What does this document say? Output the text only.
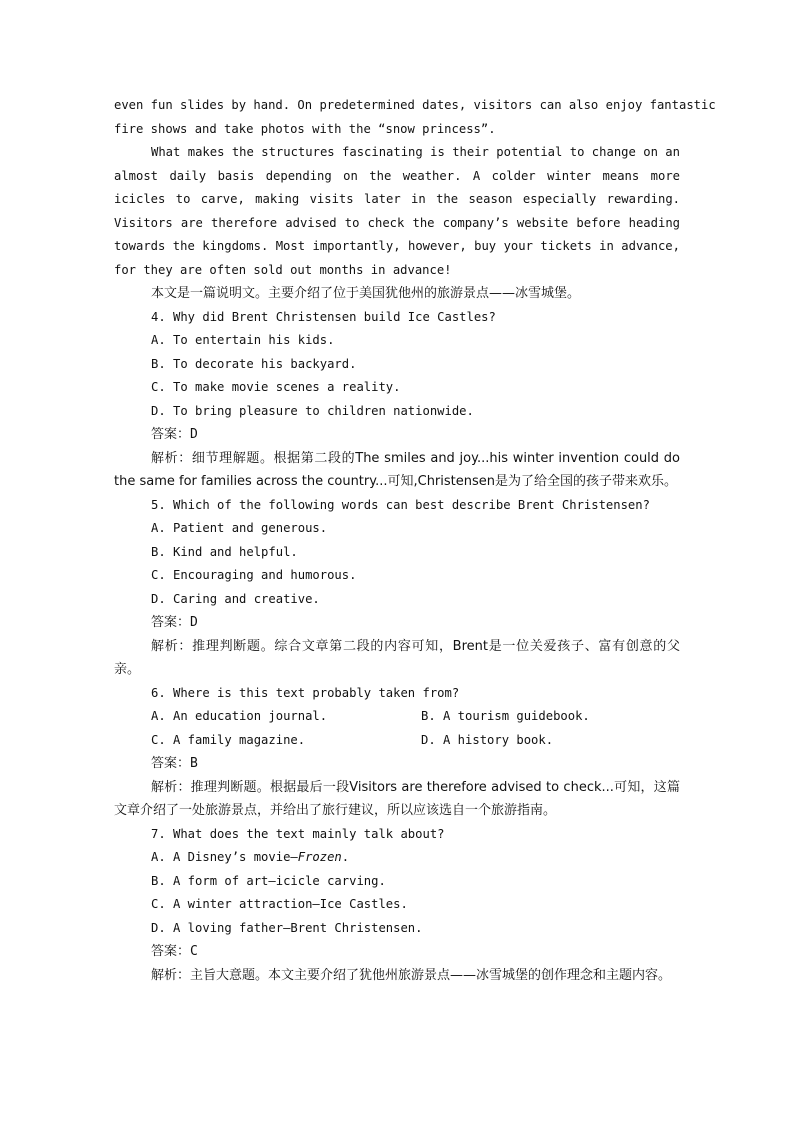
even fun slides by hand. On predetermined dates, visitors can also enjoy fantastic
fire shows and take photos with the “snow princess”.
What makes the structures fascinating is their potential to change on an almost daily basis depending on the weather. A colder winter means more icicles to carve, making visits later in the season especially rewarding. Visitors are therefore advised to check the company’s website before heading towards the kingdoms. Most importantly, however, buy your tickets in advance, for they are often sold out months in advance!
本文是一篇说明文。主要介绍了位于美国犹他州的旅游景点——冰雪城堡。
4. Why did Brent Christensen build Ice Castles?
A. To entertain his kids.
B. To decorate his backyard.
C. To make movie scenes a reality.
D. To bring pleasure to children nationwide.
答案：D
解析：细节理解题。根据第二段的The smiles and joy...his winter invention could do the same for families across the country...可知,Christensen是为了给全国的孩子带来欢乐。
5. Which of the following words can best describe Brent Christensen?
A. Patient and generous.
B. Kind and helpful.
C. Encouraging and humorous.
D. Caring and creative.
答案：D
解析：推理判断题。综合文章第二段的内容可知，Brent是一位关爱孩子、富有创意的父亲。
6. Where is this text probably taken from?
A. An education journal.	B. A tourism guidebook.
C. A family magazine.	D. A history book.
答案：B
解析：推理判断题。根据最后一段Visitors are therefore advised to check...可知，这篇文章介绍了一处旅游景点，并给出了旅行建议，所以应该选自一个旅游指南。
7. What does the text mainly talk about?
A. A Disney’s movie—Frozen.
B. A form of art—icicle carving.
C. A winter attraction—Ice Castles.
D. A loving father—Brent Christensen.
答案：C
解析：主旨大意题。本文主要介绍了犹他州旅游景点——冰雪城堡的创作理念和主题内容。
